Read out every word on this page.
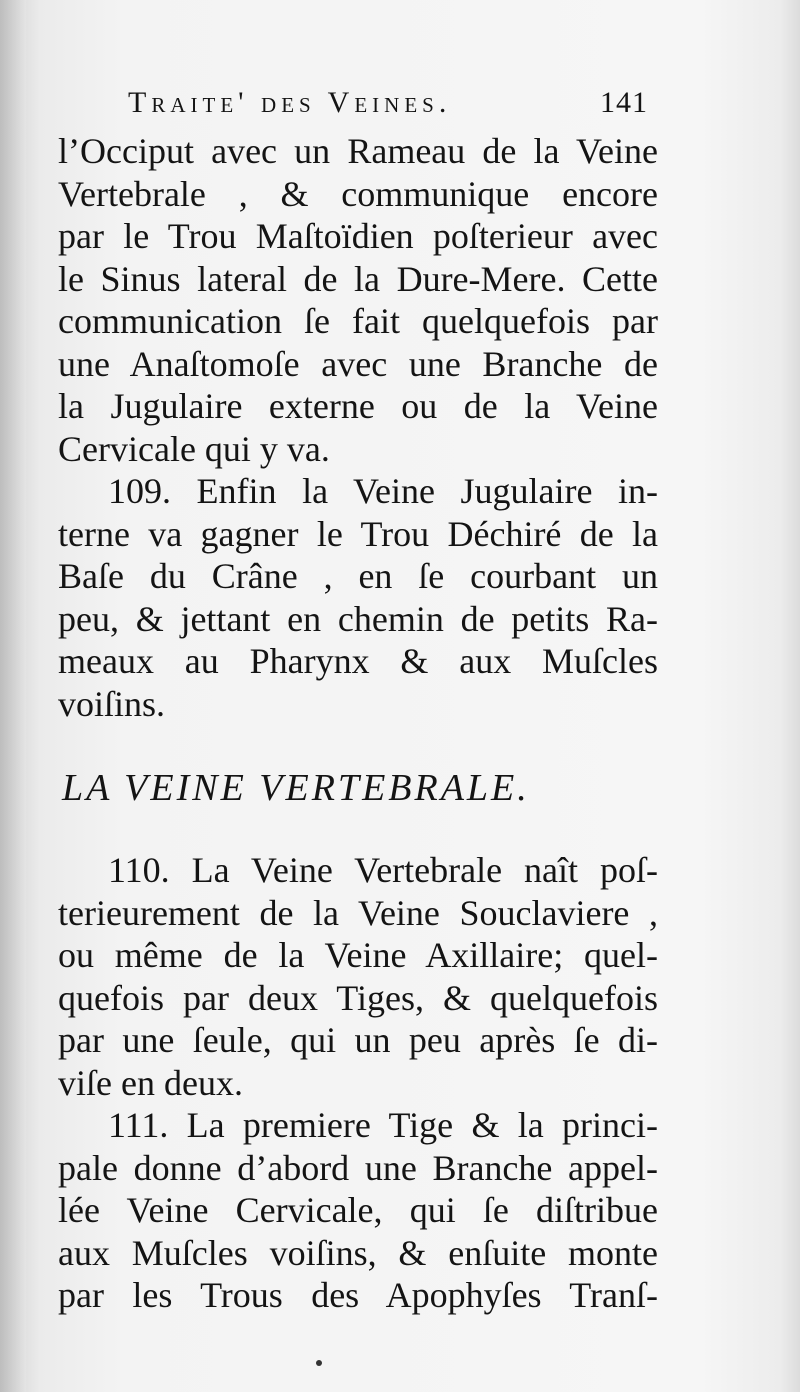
Traite' des Veines.	141
l’Occiput avec un Rameau de la Veine
Vertebrale , & communique encore
par le Trou Maſtoïdien poſterieur avec
le Sinus lateral de la Dure-Mere. Cette
communication ſe fait quelquefois par
une Anaſtomoſe avec une Branche de
la Jugulaire externe ou de la Veine
Cervicale qui y va.
109. Enfin la Veine Jugulaire in-
terne va gagner le Trou Déchiré de la
Baſe du Crâne , en ſe courbant un
peu, & jettant en chemin de petits Ra-
meaux au Pharynx & aux Muſcles
voiſins.
LA VEINE VERTEBRALE.
110. La Veine Vertebrale naît poſ-
terieurement de la Veine Souclaviere ,
ou même de la Veine Axillaire; quel-
quefois par deux Tiges, & quelquefois
par une ſeule, qui un peu après ſe di-
viſe en deux.
111. La premiere Tige & la princi-
pale donne d’abord une Branche appel-
lée Veine Cervicale, qui ſe diſtribue
aux Muſcles voiſins, & enſuite monte
par les Trous des Apophyſes Tranſ-
